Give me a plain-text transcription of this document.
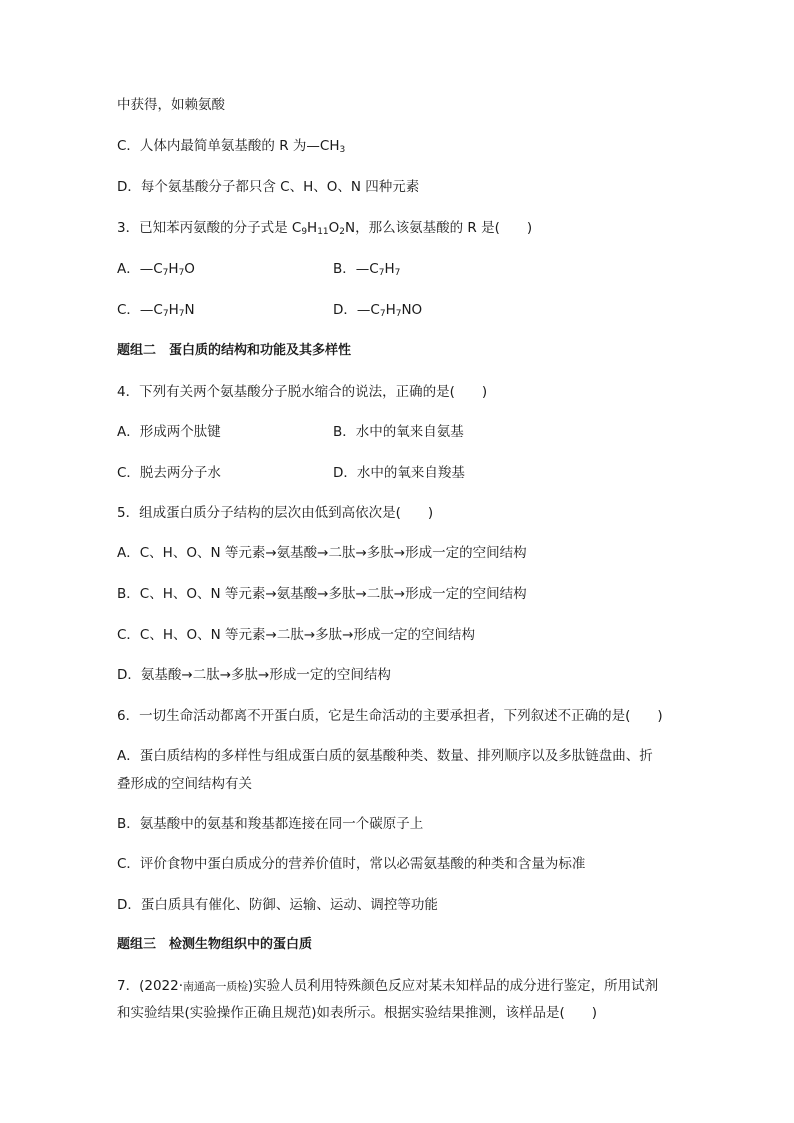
中获得，如赖氨酸
C．人体内最简单氨基酸的 R 为$—CH_3$
D．每个氨基酸分子都只含 C、H、O、N 四种元素
3．已知苯丙氨酸的分子式是 $C_9H_{11}O_2N$，那么该氨基酸的 R 是(　　)
A．$—C_7H_7O$	B．$—C_7H_7$
C．$—C_7H_7N$	D．$—C_7H_7NO$
题组二　蛋白质的结构和功能及其多样性
4．下列有关两个氨基酸分子脱水缩合的说法，正确的是(　　)
A．形成两个肽键	B．水中的氧来自氨基
C．脱去两分子水	D．水中的氧来自羧基
5．组成蛋白质分子结构的层次由低到高依次是(　　)
A．C、H、O、N 等元素→氨基酸→二肽→多肽→形成一定的空间结构
B．C、H、O、N 等元素→氨基酸→多肽→二肽→形成一定的空间结构
C．C、H、O、N 等元素→二肽→多肽→形成一定的空间结构
D．氨基酸→二肽→多肽→形成一定的空间结构
6．一切生命活动都离不开蛋白质，它是生命活动的主要承担者，下列叙述不正确的是(　　)
A．蛋白质结构的多样性与组成蛋白质的氨基酸种类、数量、排列顺序以及多肽链盘曲、折
叠形成的空间结构有关
B．氨基酸中的氨基和羧基都连接在同一个碳原子上
C．评价食物中蛋白质成分的营养价值时，常以必需氨基酸的种类和含量为标准
D．蛋白质具有催化、防御、运输、运动、调控等功能
题组三　检测生物组织中的蛋白质
7．(2022·南通高一质检)实验人员利用特殊颜色反应对某未知样品的成分进行鉴定，所用试剂
和实验结果(实验操作正确且规范)如表所示。根据实验结果推测，该样品是(　　)
